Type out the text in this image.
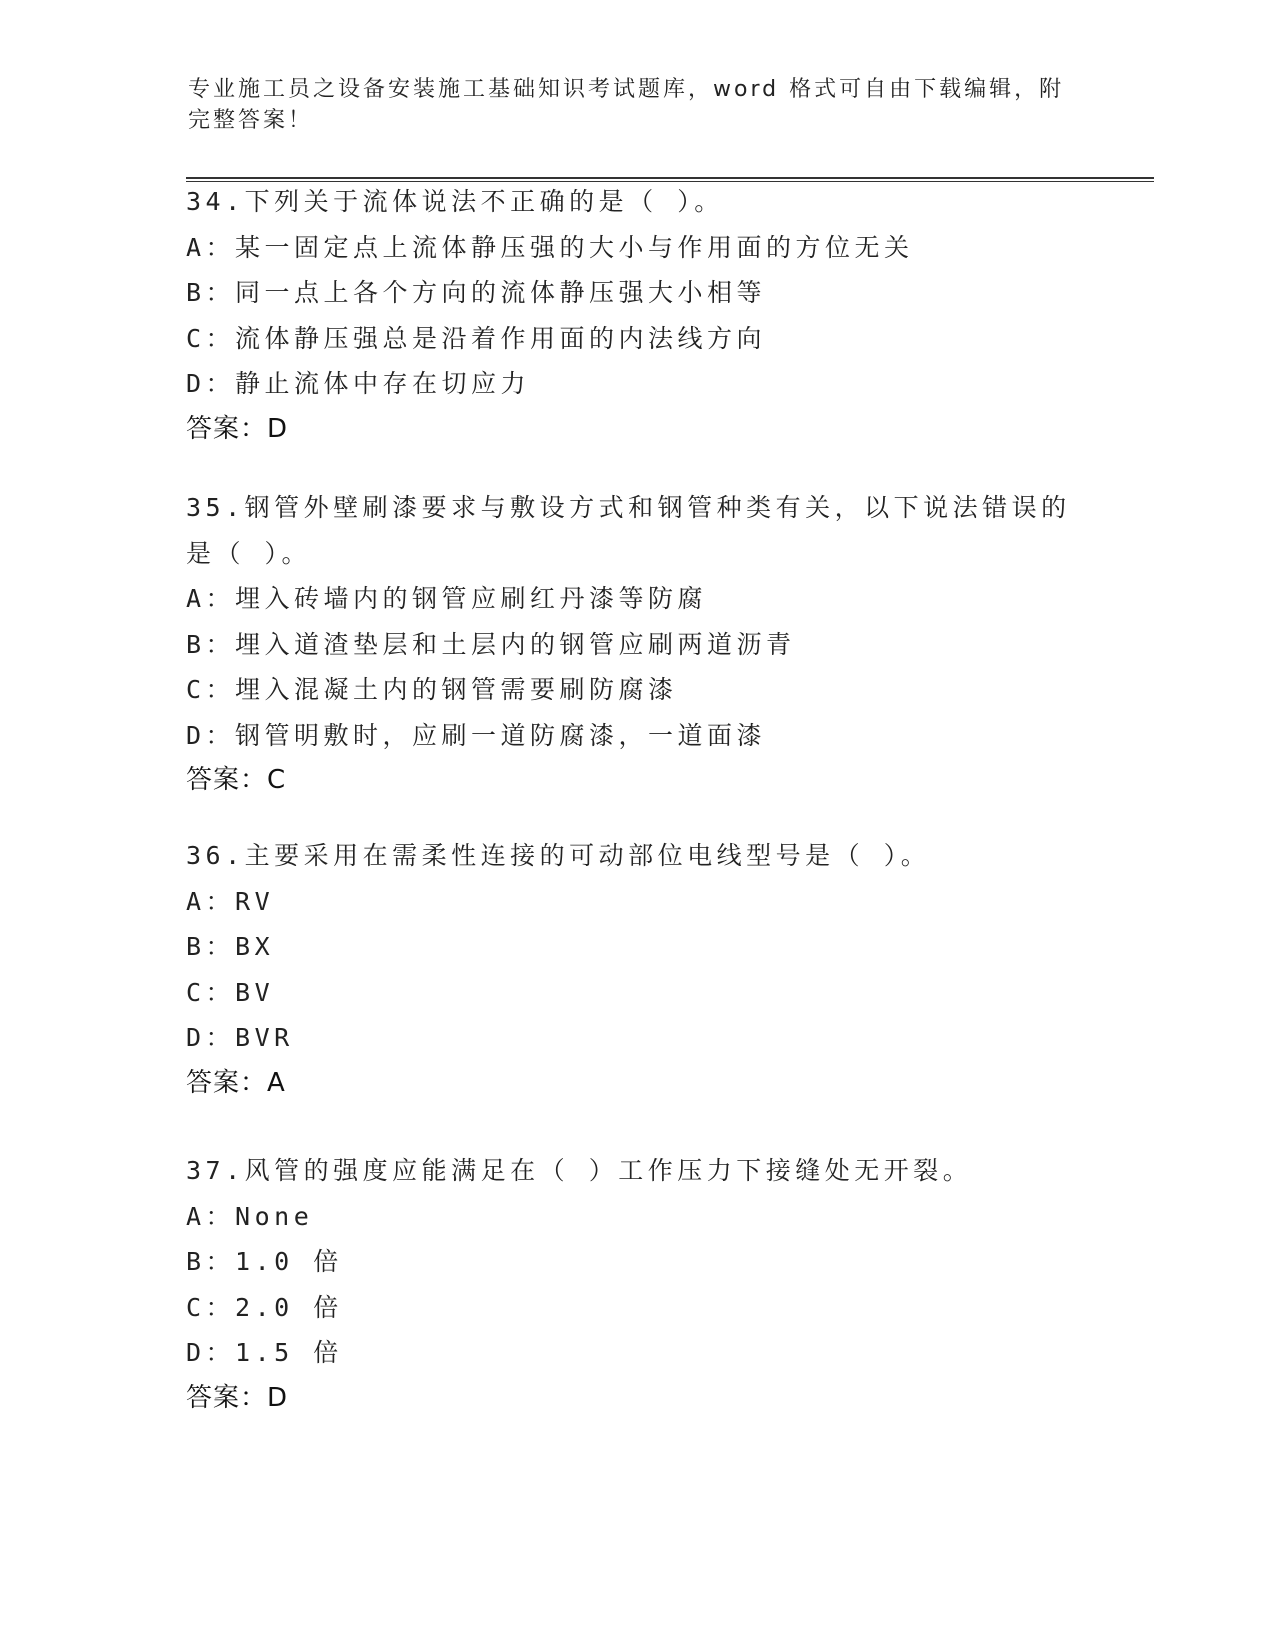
专业施工员之设备安装施工基础知识考试题库，word 格式可自由下载编辑，附完整答案！
34.下列关于流体说法不正确的是（ ）。
A：某一固定点上流体静压强的大小与作用面的方位无关
B：同一点上各个方向的流体静压强大小相等
C：流体静压强总是沿着作用面的内法线方向
D：静止流体中存在切应力
答案：D
35.钢管外壁刷漆要求与敷设方式和钢管种类有关，以下说法错误的是（ ）。
A：埋入砖墙内的钢管应刷红丹漆等防腐
B：埋入道渣垫层和土层内的钢管应刷两道沥青
C：埋入混凝土内的钢管需要刷防腐漆
D：钢管明敷时，应刷一道防腐漆，一道面漆
答案：C
36.主要采用在需柔性连接的可动部位电线型号是（ ）。
A：RV
B：BX
C：BV
D：BVR
答案：A
37.风管的强度应能满足在（ ）工作压力下接缝处无开裂。
A：None
B：1.0 倍
C：2.0 倍
D：1.5 倍
答案：D
